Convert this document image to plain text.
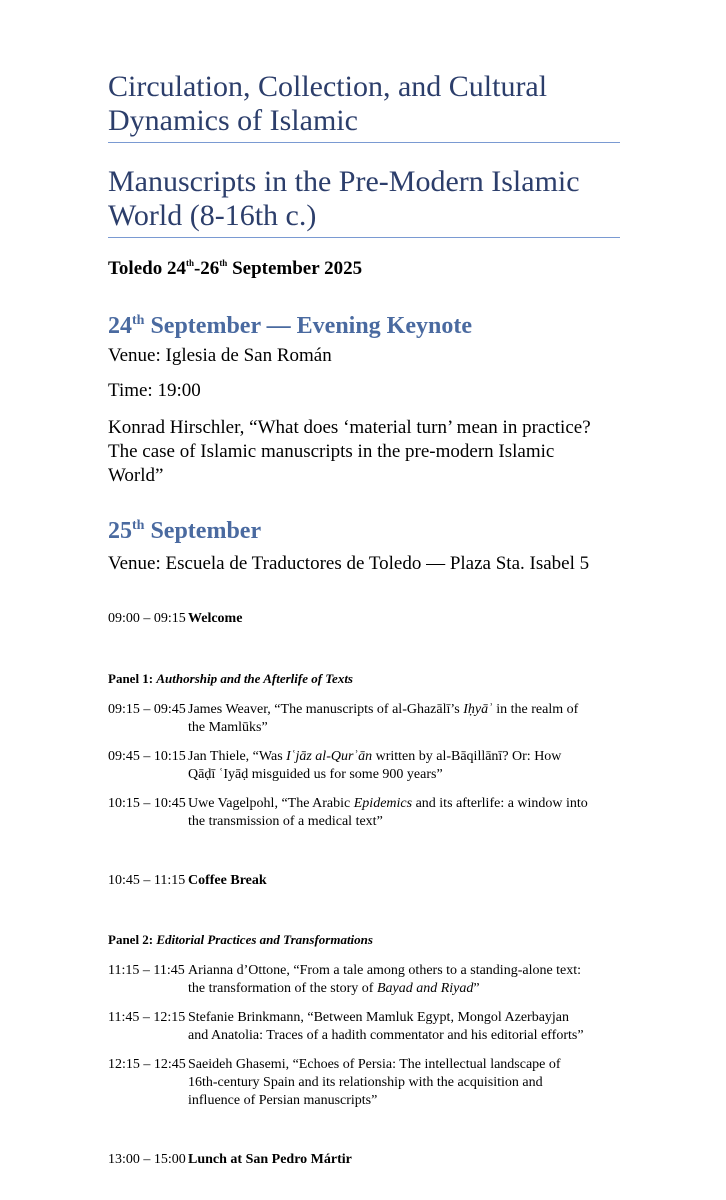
Circulation, Collection, and Cultural Dynamics of Islamic
Manuscripts in the Pre-Modern Islamic World (8-16th c.)
Toledo 24th-26th September 2025
24th September — Evening Keynote
Venue: Iglesia de San Román
Time: 19:00
Konrad Hirschler, “What does ‘material turn’ mean in practice? The case of Islamic manuscripts in the pre-modern Islamic World”
25th September
Venue: Escuela de Traductores de Toledo — Plaza Sta. Isabel 5
09:00 – 09:15 Welcome
Panel 1: Authorship and the Afterlife of Texts
09:15 – 09:45 James Weaver, “The manuscripts of al-Ghazālī’s Iḥyāʾ in the realm of
the Mamlūks”
09:45 – 10:15 Jan Thiele, “Was Iʿjāz al-Qurʾān written by al-Bāqillānī? Or: How
Qāḍī ʿIyāḍ misguided us for some 900 years”
10:15 – 10:45 Uwe Vagelpohl, “The Arabic Epidemics and its afterlife: a window into
the transmission of a medical text”
10:45 – 11:15 Coffee Break
Panel 2: Editorial Practices and Transformations
11:15 – 11:45 Arianna d’Ottone, “From a tale among others to a standing-alone text:
the transformation of the story of Bayad and Riyad”
11:45 – 12:15 Stefanie Brinkmann, “Between Mamluk Egypt, Mongol Azerbayjan
and Anatolia: Traces of a hadith commentator and his editorial efforts”
12:15 – 12:45 Saeideh Ghasemi, “Echoes of Persia: The intellectual landscape of
16th-century Spain and its relationship with the acquisition and
influence of Persian manuscripts”
13:00 – 15:00 Lunch at San Pedro Mártir
